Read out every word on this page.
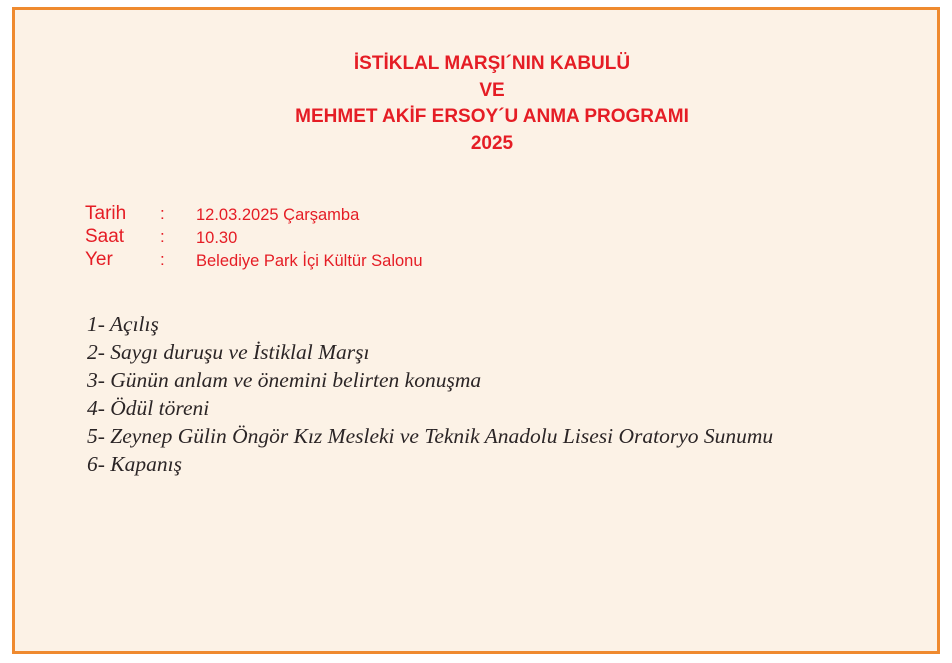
İSTİKLAL MARŞI´NIN KABULÜ
VE
MEHMET AKİF ERSOY´U ANMA PROGRAMI
2025
Tarih : 12.03.2025 Çarşamba
Saat : 10.30
Yer	: Belediye Park İçi Kültür Salonu
1- Açılış
2- Saygı duruşu ve İstiklal Marşı
3- Günün anlam ve önemini belirten konuşma
4- Ödül töreni
5- Zeynep Gülin Öngör Kız Mesleki ve Teknik Anadolu Lisesi Oratoryo Sunumu
6- Kapanış
